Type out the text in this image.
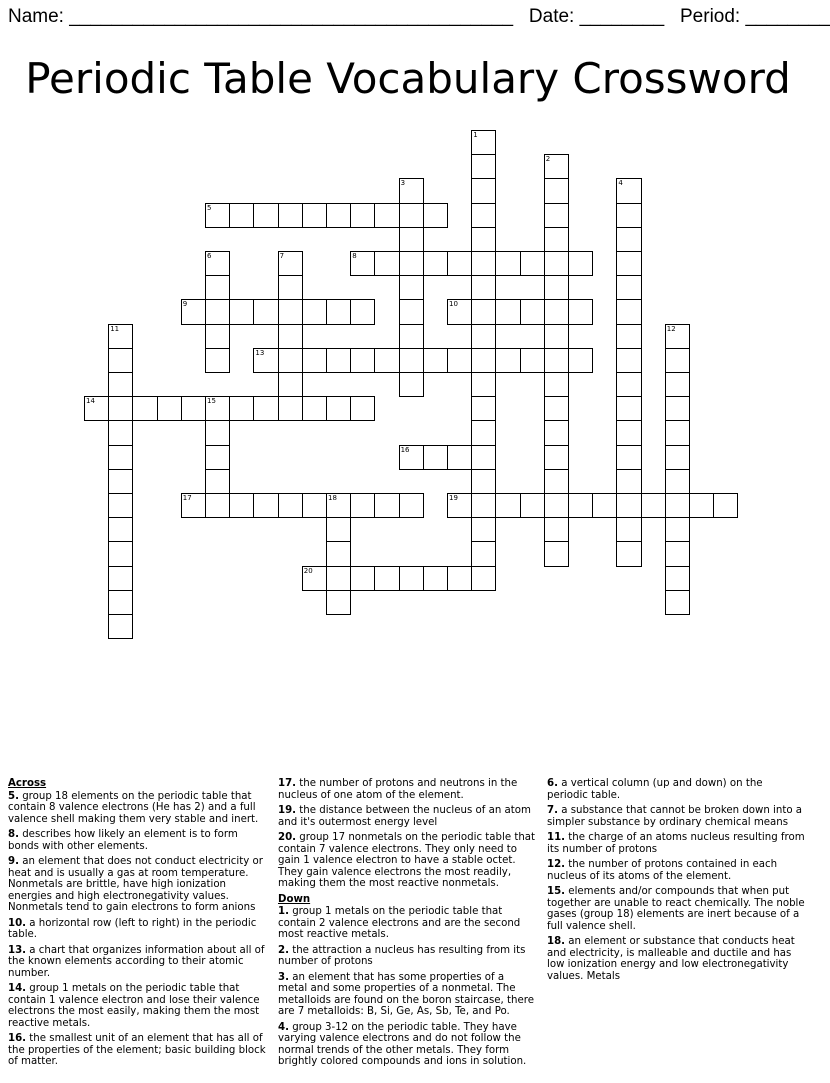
Name: __________________________________________ Date: ________ Period: ________
Periodic Table Vocabulary Crossword
1
2
3	4
5
6	7	8
9	10
11	12
13
14	15
16
17	18	19
20
Across
5. group 18 elements on the periodic table that contain 8 valence electrons (He has 2) and a full valence shell making them very stable and inert.
8. describes how likely an element is to form bonds with other elements.
9. an element that does not conduct electricity or heat and is usually a gas at room temperature. Nonmetals are brittle, have high ionization energies and high electronegativity values. Nonmetals tend to gain electrons to form anions
10. a horizontal row (left to right) in the periodic table.
13. a chart that organizes information about all of the known elements according to their atomic number.
14. group 1 metals on the periodic table that contain 1 valence electron and lose their valence electrons the most easily, making them the most reactive metals.
16. the smallest unit of an element that has all of the properties of the element; basic building block of matter.
17. the number of protons and neutrons in the nucleus of one atom of the element.
19. the distance between the nucleus of an atom and it's outermost energy level
20. group 17 nonmetals on the periodic table that contain 7 valence electrons. They only need to gain 1 valence electron to have a stable octet. They gain valence electrons the most readily, making them the most reactive nonmetals.
Down
1. group 1 metals on the periodic table that contain 2 valence electrons and are the second most reactive metals.
2. the attraction a nucleus has resulting from its number of protons
3. an element that has some properties of a metal and some properties of a nonmetal. The metalloids are found on the boron staircase, there are 7 metalloids: B, Si, Ge, As, Sb, Te, and Po.
4. group 3-12 on the periodic table. They have varying valence electrons and do not follow the normal trends of the other metals. They form brightly colored compounds and ions in solution.
6. a vertical column (up and down) on the periodic table.
7. a substance that cannot be broken down into a simpler substance by ordinary chemical means
11. the charge of an atoms nucleus resulting from its number of protons
12. the number of protons contained in each nucleus of its atoms of the element.
15. elements and/or compounds that when put together are unable to react chemically. The noble gases (group 18) elements are inert because of a full valence shell.
18. an element or substance that conducts heat and electricity, is malleable and ductile and has low ionization energy and low electronegativity values. Metals
